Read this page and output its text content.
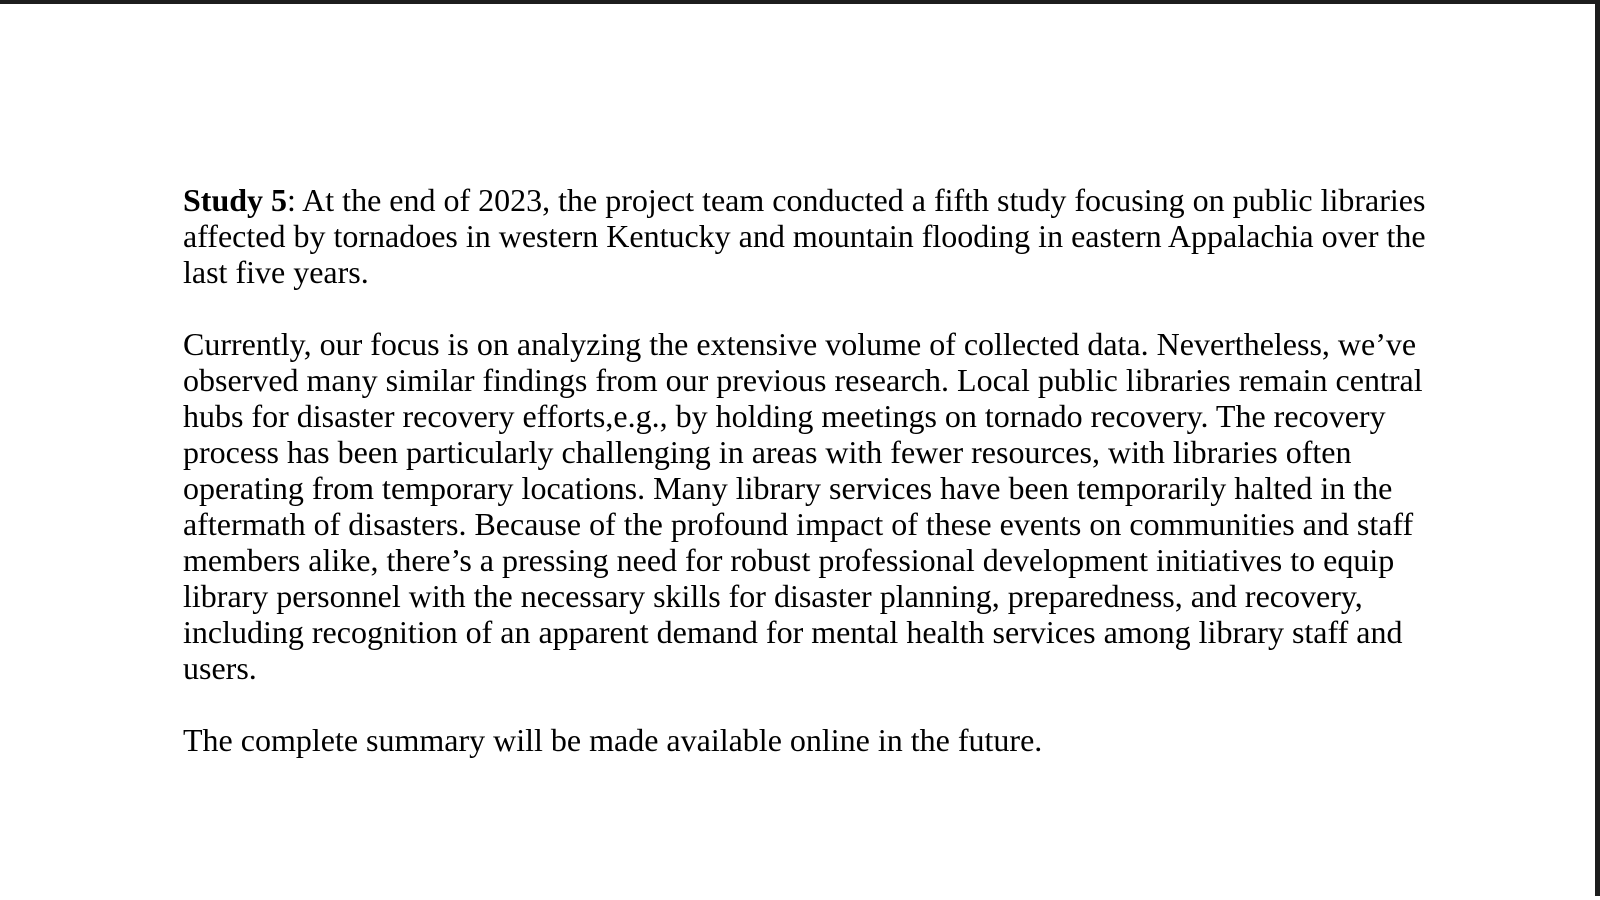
Study 5: At the end of 2023, the project team conducted a fifth study focusing on public libraries affected by tornadoes in western Kentucky and mountain flooding in eastern Appalachia over the last five years.

Currently, our focus is on analyzing the extensive volume of collected data. Nevertheless, we’ve observed many similar findings from our previous research. Local public libraries remain central hubs for disaster recovery efforts,e.g., by holding meetings on tornado recovery. The recovery process has been particularly challenging in areas with fewer resources, with libraries often operating from temporary locations. Many library services have been temporarily halted in the aftermath of disasters. Because of the profound impact of these events on communities and staff members alike, there’s a pressing need for robust professional development initiatives to equip library personnel with the necessary skills for disaster planning, preparedness, and recovery, including recognition of an apparent demand for mental health services among library staff and users.

The complete summary will be made available online in the future.
